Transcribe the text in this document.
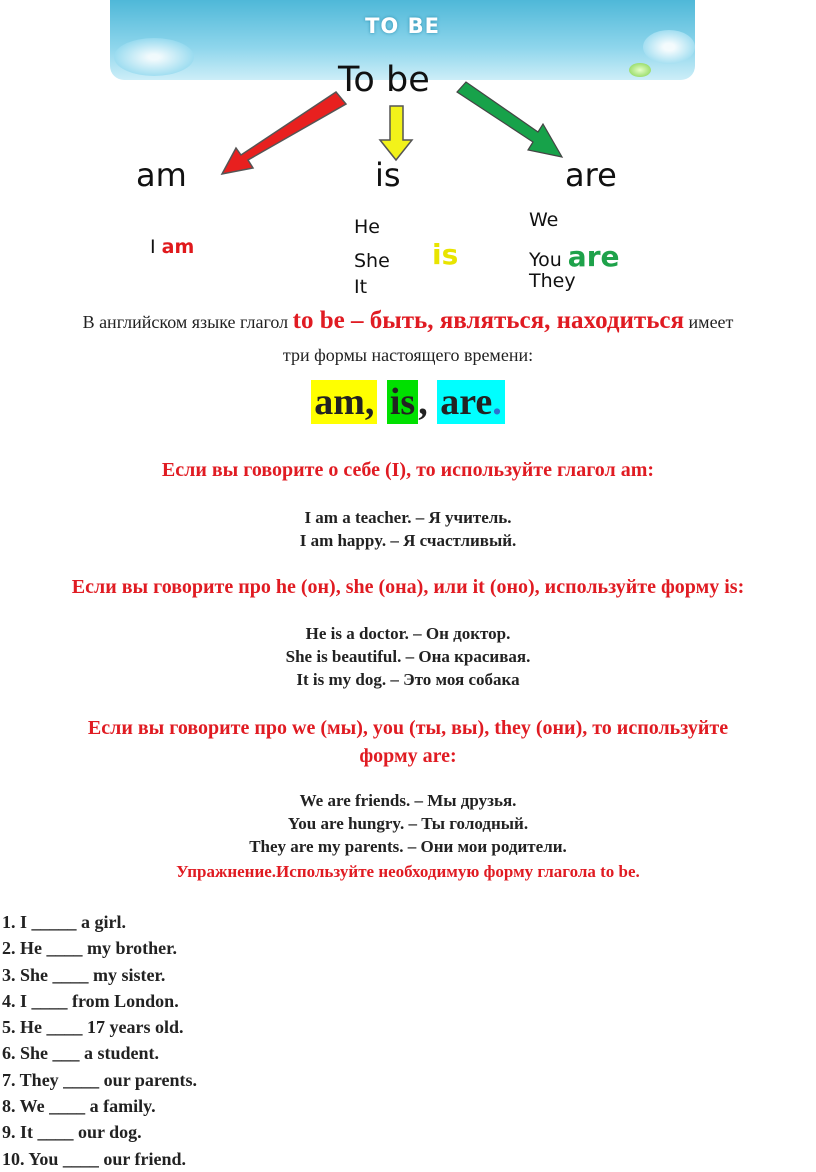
TO BE
To be
am	is	are
I am
He
She
It
is
We
You are
They
В английском языке глагол to be – быть, являться, находиться имеет
три формы настоящего времени:
am, is, are.
Если вы говорите о себе (I), то используйте глагол am:
I am a teacher. – Я учитель.
I am happy. – Я счастливый.
Если вы говорите про he (он), she (она), или it (оно), используйте форму is:
He is a doctor. – Он доктор.
She is beautiful. – Она красивая.
It is my dog. – Это моя собака
Если вы говорите про we (мы), you (ты, вы), they (они), то используйте
форму are:
We are friends. – Мы друзья.
You are hungry. – Ты голодный.
They are my parents. – Они мои родители.
Упражнение.Используйте необходимую форму глагола to be.
1. I _____ a girl.
2. He ____ my brother.
3. She ____ my sister.
4. I ____ from London.
5. He ____ 17 years old.
6. She ___ a student.
7. They ____ our parents.
8. We ____ a family.
9. It ____ our dog.
10. You ____ our friend.
